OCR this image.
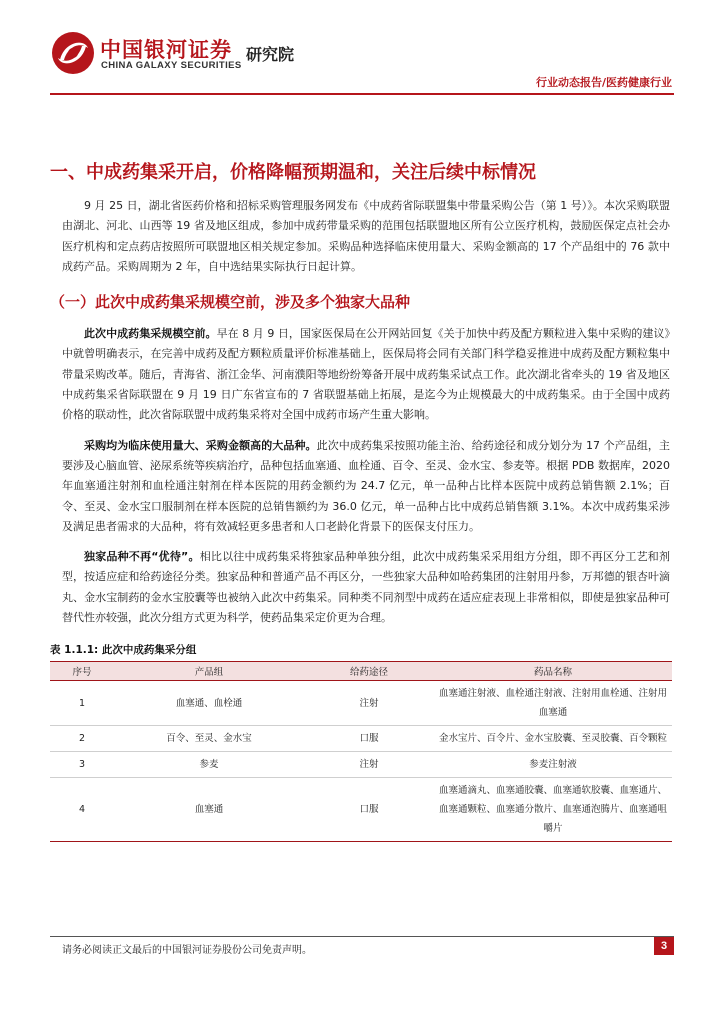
中国银河证券
CHINA GALAXY SECURITIES
研究院
行业动态报告/医药健康行业
一、中成药集采开启，价格降幅预期温和，关注后续中标情况

9 月 25 日，湖北省医药价格和招标采购管理服务网发布《中成药省际联盟集中带量采购公告（第 1 号）》。本次采购联盟由湖北、河北、山西等 19 省及地区组成，参加中成药带量采购的范围包括联盟地区所有公立医疗机构，鼓励医保定点社会办医疗机构和定点药店按照所可联盟地区相关规定参加。采购品种选择临床使用量大、采购金额高的 17 个产品组中的 76 款中成药产品。采购周期为 2 年，自中选结果实际执行日起计算。

（一）此次中成药集采规模空前，涉及多个独家大品种

此次中成药集采规模空前。早在 8 月 9 日，国家医保局在公开网站回复《关于加快中药及配方颗粒进入集中采购的建议》中就曾明确表示，在完善中成药及配方颗粒质量评价标准基础上，医保局将会同有关部门科学稳妥推进中成药及配方颗粒集中带量采购改革。随后，青海省、浙江金华、河南濮阳等地纷纷筹备开展中成药集采试点工作。此次湖北省牵头的 19 省及地区中成药集采省际联盟在 9 月 19 日广东省宣布的 7 省联盟基础上拓展，是迄今为止规模最大的中成药集采。由于全国中成药价格的联动性，此次省际联盟中成药集采将对全国中成药市场产生重大影响。

采购均为临床使用量大、采购金额高的大品种。此次中成药集采按照功能主治、给药途径和成分划分为 17 个产品组，主要涉及心脑血管、泌尿系统等疾病治疗，品种包括血塞通、血栓通、百令、至灵、金水宝、参麦等。根据 PDB 数据库，2020 年血塞通注射剂和血栓通注射剂在样本医院的用药金额约为 24.7 亿元，单一品种占比样本医院中成药总销售额 2.1%；百令、至灵、金水宝口服制剂在样本医院的总销售额约为 36.0 亿元，单一品种占比中成药总销售额 3.1%。本次中成药集采涉及满足患者需求的大品种，将有效减轻更多患者和人口老龄化背景下的医保支付压力。

独家品种不再“优待”。相比以往中成药集采将独家品种单独分组，此次中成药集采采用组方分组，即不再区分工艺和剂型，按适应症和给药途径分类。独家品种和普通产品不再区分，一些独家大品种如哈药集团的注射用丹参，万邦德的银杏叶滴丸、金水宝制药的金水宝胶囊等也被纳入此次中药集采。同种类不同剂型中成药在适应症表现上非常相似，即使是独家品种可替代性亦较强，此次分组方式更为科学，使药品集采定价更为合理。

表 1.1.1: 此次中成药集采分组
序号	产品组	给药途径	药品名称
1	血塞通、血栓通	注射	血塞通注射液、血栓通注射液、注射用血栓通、注射用血塞通
2	百令、至灵、金水宝	口服	金水宝片、百令片、金水宝胶囊、至灵胶囊、百令颗粒
3	参麦	注射	参麦注射液
4	血塞通	口服	血塞通滴丸、血塞通胶囊、血塞通软胶囊、血塞通片、血塞通颗粒、血塞通分散片、血塞通泡腾片、血塞通咀嚼片
请务必阅读正文最后的中国银河证券股份公司免责声明。	3
